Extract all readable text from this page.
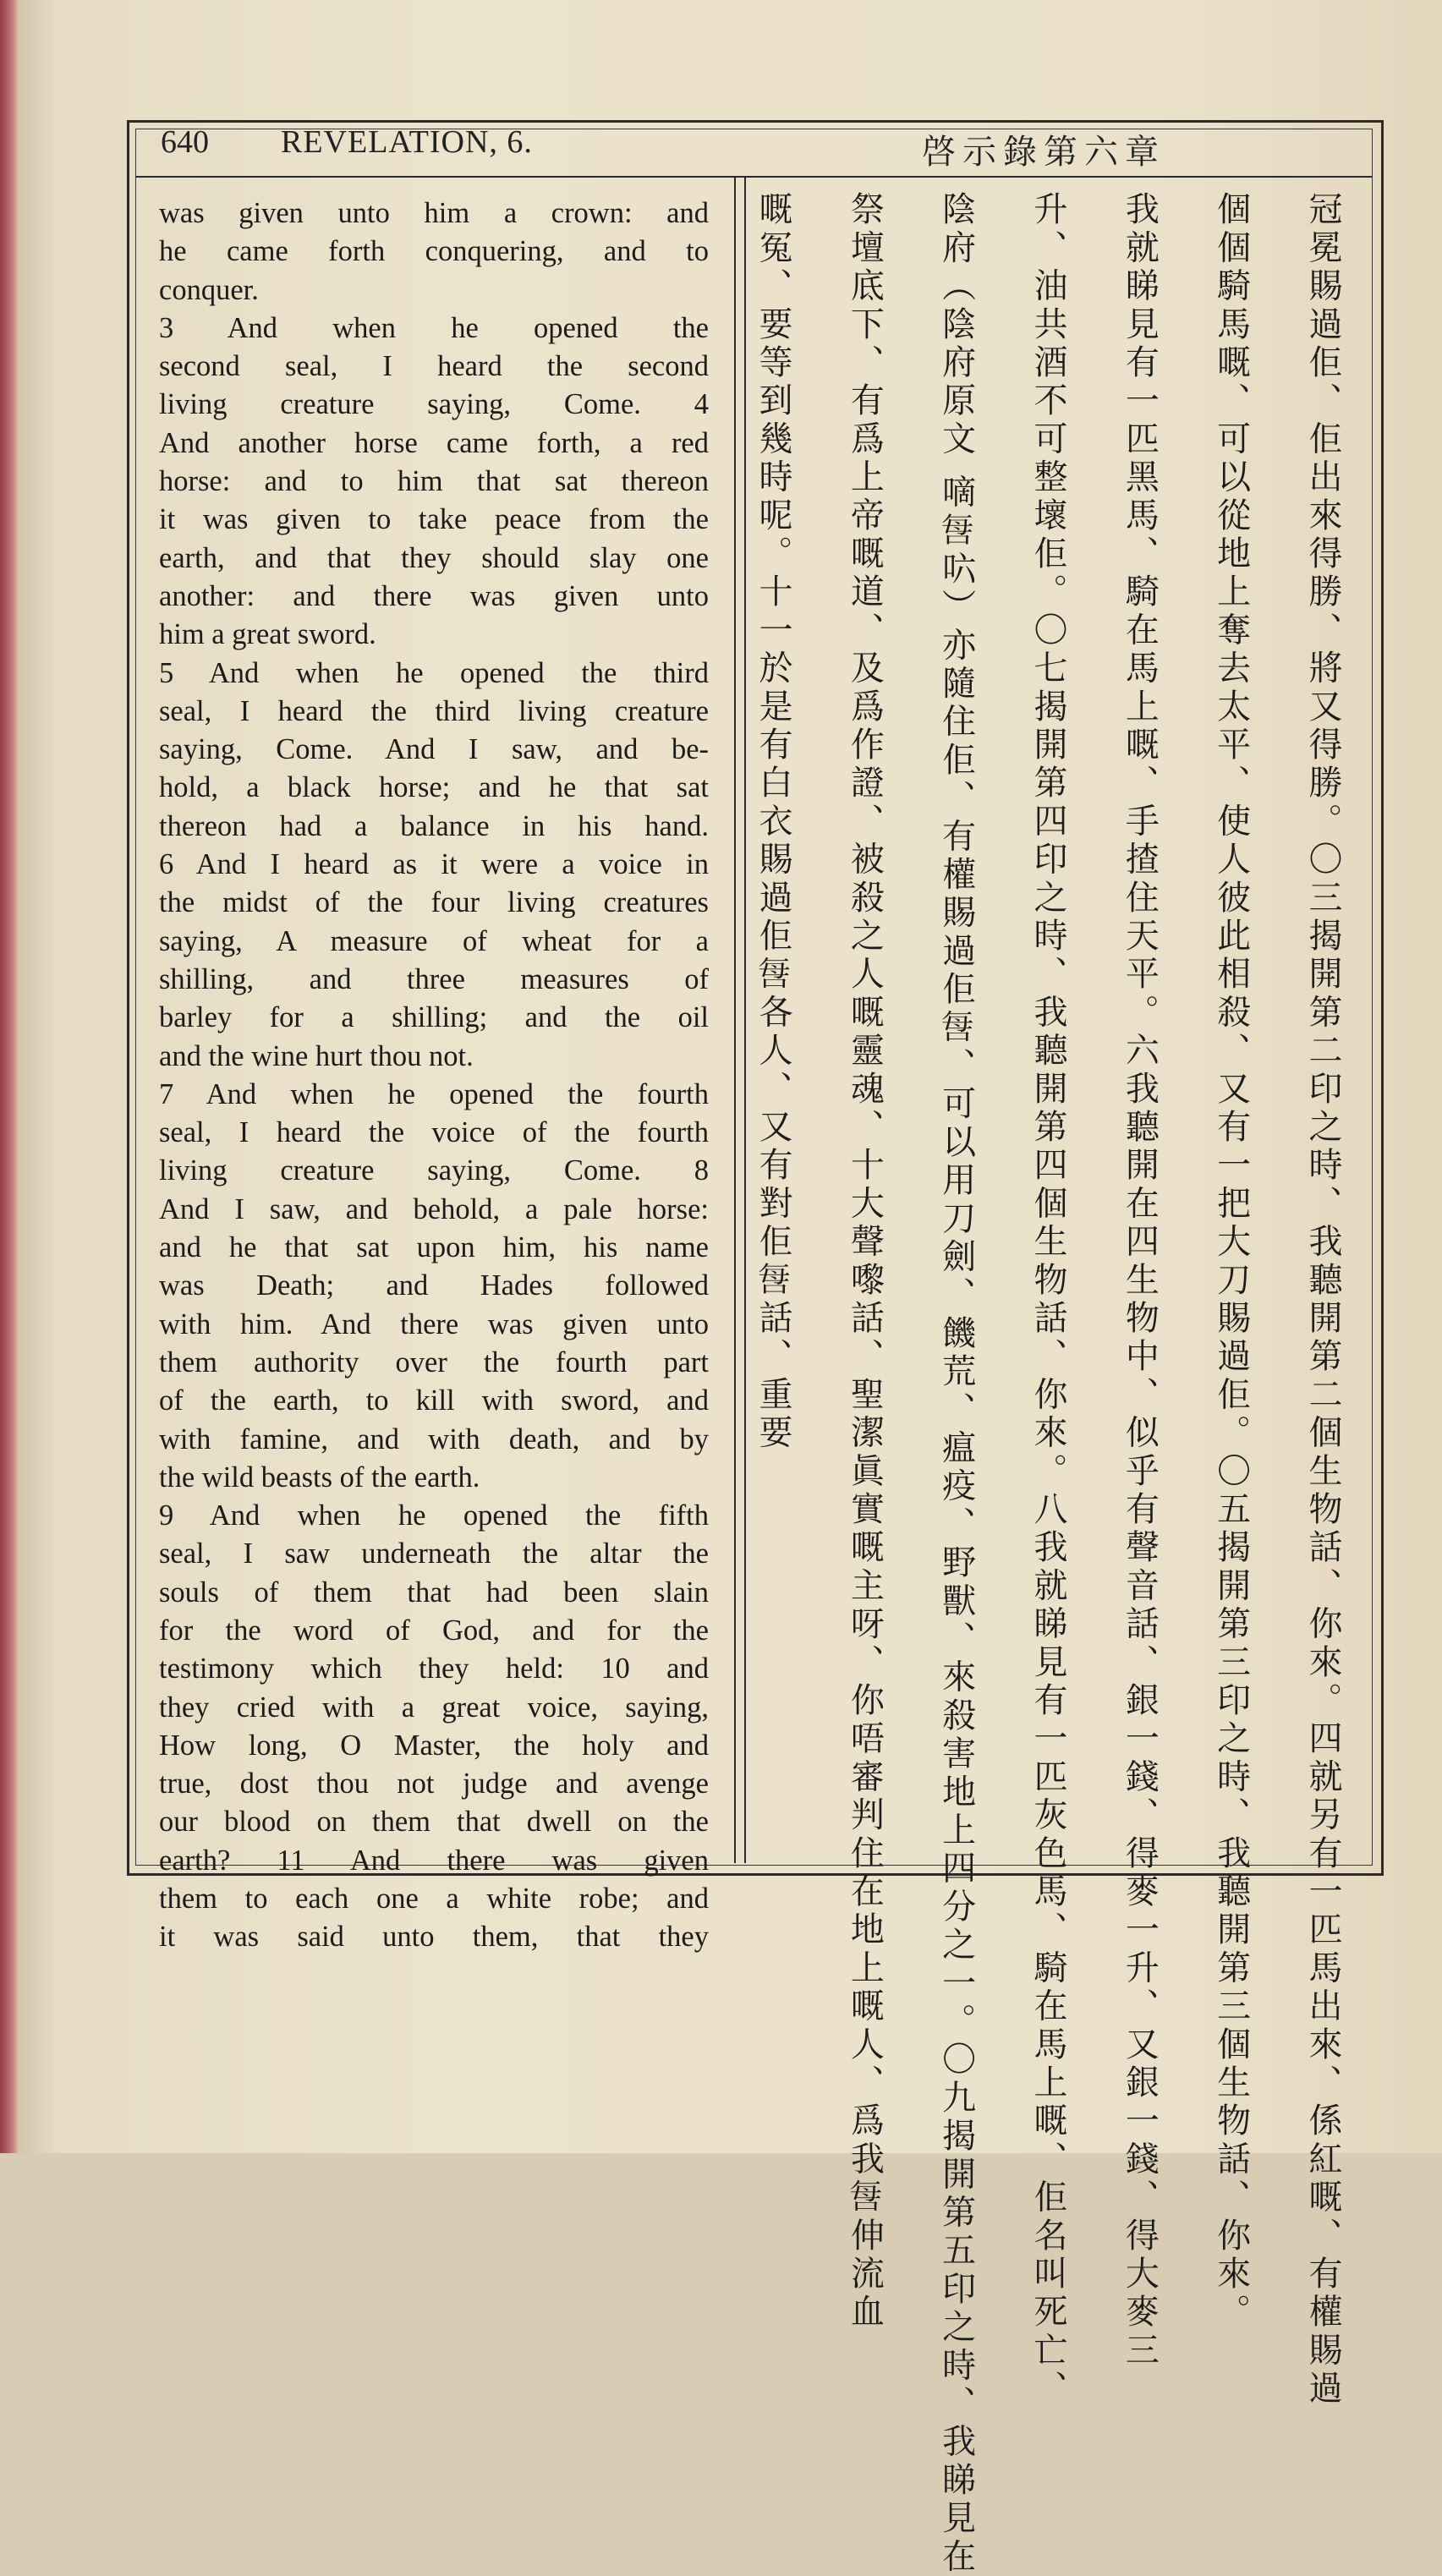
640 REVELATION, 6.	啓示錄第六章
was given unto him a crown: and
he came forth conquering, and to
conquer.
3 And when he opened the
second seal, I heard the second
living creature saying, Come. 4
And another horse came forth, a red
horse: and to him that sat thereon
it was given to take peace from the
earth, and that they should slay one
another: and there was given unto
him a great sword.
5 And when he opened the third
seal, I heard the third living creature
saying, Come. And I saw, and be-
hold, a black horse; and he that sat
thereon had a balance in his hand.
6 And I heard as it were a voice in
the midst of the four living creatures
saying, A measure of wheat for a
shilling, and three measures of
barley for a shilling; and the oil
and the wine hurt thou not.
7 And when he opened the fourth
seal, I heard the voice of the fourth
living creature saying, Come. 8
And I saw, and behold, a pale horse:
and he that sat upon him, his name
was Death; and Hades followed
with him. And there was given unto
them authority over the fourth part
of the earth, to kill with sword, and
with famine, and with death, and by
the wild beasts of the earth.
9 And when he opened the fifth
seal, I saw underneath the altar the
souls of them that had been slain
for the word of God, and for the
testimony which they held: 10 and
they cried with a great voice, saying,
How long, O Master, the holy and
true, dost thou not judge and avenge
our blood on them that dwell on the
earth? 11 And there was given
them to each one a white robe; and
it was said unto them, that they	冠冕賜過佢、佢出來得勝、將又得勝。〇三揭開第二印之時、我聽開第二個生物話、你來。四就另有一匹馬出來、係紅嘅、有權賜過
個個騎馬嘅、可以從地上奪去太平、使人彼此相殺、又有一把大刀賜過佢。〇五揭開第三印之時、我聽開第三個生物話、你來。
我就睇見有一匹黑馬、騎在馬上嘅、手揸住天平。六我聽開在四生物中、似乎有聲音話、銀一錢、得麥一升、又銀一錢、得大麥三
升、油共酒不可整壞佢。〇七揭開第四印之時、我聽開第四個生物話、你來。八我就睇見有一匹灰色馬、騎在馬上嘅、佢名叫死亡、
陰府（陰府原文 嘀𠲯𠯿）亦隨住佢、有權賜過佢𠲯、可以用刀劍、饑荒、瘟疫、野獸、來殺害地上四分之一。〇九揭開第五印之時、我睇見在
祭壇底下、有爲上帝嘅道、及爲作證、被殺之人嘅靈魂、十大聲嚟話、聖潔眞實嘅主呀、你唔審判住在地上嘅人、爲我𠲯伸流血
嘅冤、要等到幾時呢。十一於是有白衣賜過佢𠲯各人、又有對佢𠲯話、重要
